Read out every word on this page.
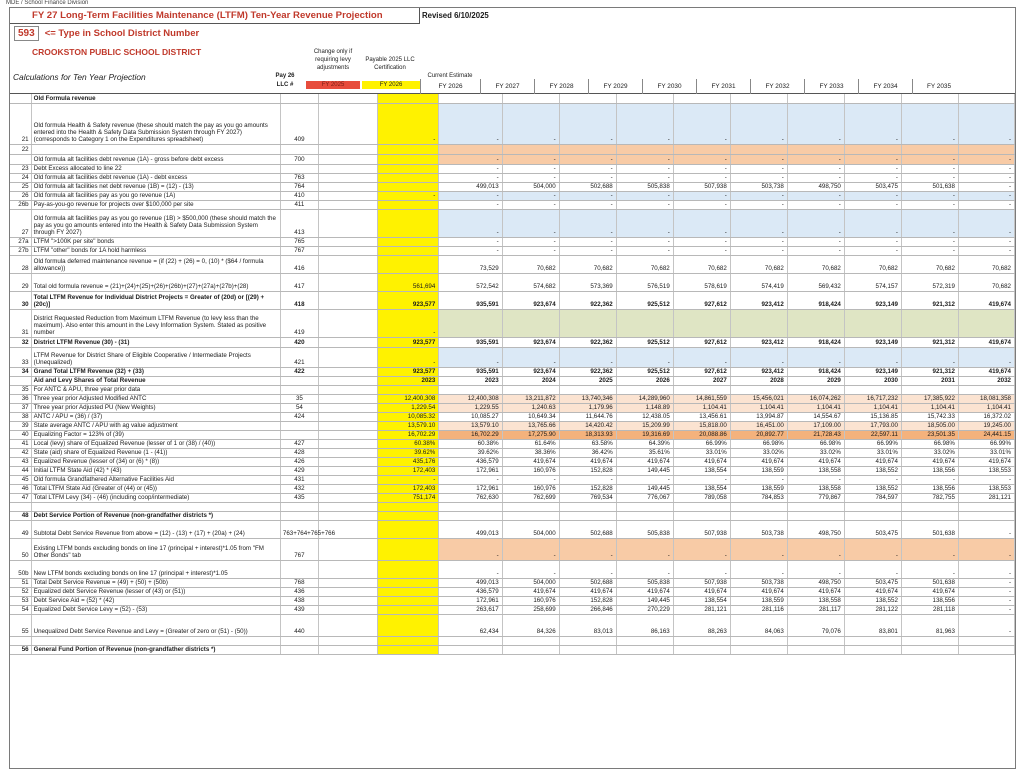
MDE / School Finance Division
FY 27 Long-Term Facilities Maintenance (LTFM) Ten-Year Revenue Projection	Revised 6/10/2025
593	<= Type in School District Number
CROOKSTON PUBLIC SCHOOL DISTRICT
Calculations for Ten Year Projection	Pay 26
LLC #
Change only if requiring levy adjustments
Payable 2025 LLC Certification
Current Estimate
FY 2025	FY 2026	FY 2026	FY 2027	FY 2028	FY 2029	FY 2030	FY 2031	FY 2032	FY 2033	FY 2034	FY 2035
	Old Formula revenue													
21	Old formula Health & Safety revenue (these should match the pay as you go amounts entered into the Health & Safety Data Submission System through FY 2027) (corresponds to Category 1 on the Expenditures spreadsheet)	409		-	-	-	-	-	-	-	-	-	-	-
22														
	Old formula alt facilities debt revenue (1A) - gross before debt excess	700			-	-	-	-	-	-	-	-	-	-
23	Debt Excess allocated to line 22				-	-	-	-	-	-	-	-	-	-
24	Old formula alt facilities debt revenue (1A) - debt excess	763			-	-	-	-	-	-	-	-	-	-
25	Old formula alt facilities net debt revenue (1B) = (12) - (13)	764			499,013	504,000	502,688	505,838	507,938	503,738	498,750	503,475	501,638	-
26	Old formula alt facilities pay as you go revenue (1A)	410		-	-	-	-	-	-	-	-	-	-	-
26b	Pay-as-you-go revenue for projects over $100,000 per site	411			-	-	-	-	-	-	-	-	-	-
27	Old formula alt facilities pay as you go revenue (1B) > $500,000 (these should match the pay as you go amounts entered into the Health & Safety Data Submission System through FY 2027)	413			-	-	-	-	-	-	-	-	-	-
27a	LTFM ">100K per site" bonds	765			-	-	-	-	-	-	-	-	-	-
27b	LTFM "other" bonds for 1A hold harmless	767			-	-	-	-	-	-	-	-	-	-
28	Old formula deferred maintenance revenue = (if (22) + (26) = 0, (10) * ($64 / formula allowance))	416			73,529	70,682	70,682	70,682	70,682	70,682	70,682	70,682	70,682	70,682
29	Total old formula revenue = (21)+(24)+(25)+(26)+(26b)+(27)+(27a)+(27b)+(28)	417		561,694	572,542	574,682	573,369	576,519	578,619	574,419	569,432	574,157	572,319	70,682
30	Total LTFM Revenue for Individual District Projects = Greater of (20d) or [(29) + (20c)]	418		923,577	935,591	923,674	922,362	925,512	927,612	923,412	918,424	923,149	921,312	419,674
31	District Requested Reduction from Maximum LTFM Revenue (to levy less than the maximum). Also enter this amount in the Levy Information System. Stated as positive number	419		-										
32	District LTFM Revenue (30) - (31)	420		923,577	935,591	923,674	922,362	925,512	927,612	923,412	918,424	923,149	921,312	419,674
33	LTFM Revenue for District Share of Eligible Cooperative / Intermediate Projects (Unequalized)	421		-	-	-	-	-	-	-	-	-	-	-
34	Grand Total LTFM Revenue (32) + (33)	422		923,577	935,591	923,674	922,362	925,512	927,612	923,412	918,424	923,149	921,312	419,674
	Aid and Levy Shares of Total Revenue			2023	2023	2024	2025	2026	2027	2028	2029	2030	2031	2032
35	For ANTC & APU, three year prior data													
36	Three year prior Adjusted Modified ANTC	35		12,400,308	12,400,308	13,211,872	13,740,346	14,289,960	14,861,559	15,456,021	16,074,262	16,717,232	17,385,922	18,081,358
37	Three year prior Adjusted PU (New Weights)	54		1,229.54	1,229.55	1,240.63	1,179.96	1,148.89	1,104.41	1,104.41	1,104.41	1,104.41	1,104.41	1,104.41
38	ANTC / APU = (36) / (37)	424		10,085.32	10,085.27	10,649.34	11,644.76	12,438.05	13,456.61	13,994.87	14,554.67	15,136.85	15,742.33	16,372.02
39	State average ANTC / APU with ag value adjustment			13,579.10	13,579.10	13,765.66	14,420.42	15,209.99	15,818.00	16,451.00	17,109.00	17,793.00	18,505.00	19,245.00
40	Equalizing Factor = 123% of (39)			16,702.29	16,702.29	17,275.90	18,313.93	19,316.69	20,088.86	20,892.77	21,728.43	22,597.11	23,501.35	24,441.15
41	Local (levy) share of Equalized Revenue (lesser of 1 or (38) / (40))	427		60.38%	60.38%	61.64%	63.58%	64.39%	66.99%	66.98%	66.98%	66.99%	66.98%	66.99%
42	State (aid) share of Equalized Revenue (1 - (41))	428		39.62%	39.62%	38.36%	36.42%	35.61%	33.01%	33.02%	33.02%	33.01%	33.02%	33.01%
43	Equalized Revenue (lesser of (34) or (6) * (8))	426		435,176	436,579	419,674	419,674	419,674	419,674	419,674	419,674	419,674	419,674	419,674
44	Initial LTFM State Aid (42) * (43)	429		172,403	172,961	160,976	152,828	149,445	138,554	138,559	138,558	138,552	138,556	138,553
45	Old formula Grandfathered Alternative Facilities Aid	431		-	-	-	-	-	-	-	-	-	-	-
46	Total LTFM State Aid (Greater of (44) or (45))	432		172,403	172,961	160,976	152,828	149,445	138,554	138,559	138,558	138,552	138,556	138,553
47	Total LTFM Levy (34) - (46) (including coop/intermediate)	435		751,174	762,630	762,699	769,534	776,067	789,058	784,853	779,867	784,597	782,755	281,121

48	Debt Service Portion of Revenue (non-grandfather districts *)													
49	Subtotal Debt Service Revenue from above = (12) - (13) + (17) + (20a) + (24)	763+764+765+766			499,013	504,000	502,688	505,838	507,938	503,738	498,750	503,475	501,638	-
50	Existing LTFM bonds excluding bonds on line 17 (principal + interest)*1.05 from "FM Other Bonds" tab	767			-	-	-	-	-	-	-	-	-	-
50b	New LTFM bonds excluding bonds on line 17 (principal + interest)*1.05				-	-	-	-	-	-	-	-	-	-
51	Total Debt Service Revenue = (49) + (50) + (50b)	768			499,013	504,000	502,688	505,838	507,938	503,738	498,750	503,475	501,638	-
52	Equalized debt Service Revenue (lesser of (43) or (51))	436			436,579	419,674	419,674	419,674	419,674	419,674	419,674	419,674	419,674	-
53	Debt Service Aid = (52) * (42)	438			172,961	160,976	152,828	149,445	138,554	138,559	138,558	138,552	138,556	-
54	Equalized Debt Service Levy = (52) - (53)	439			263,617	258,699	266,846	270,229	281,121	281,116	281,117	281,122	281,118	-
55	Unequalized Debt Service Revenue and Levy = (Greater of zero or (51) - (50))	440			62,434	84,326	83,013	86,163	88,263	84,063	79,076	83,801	81,963	-

56	General Fund Portion of Revenue (non-grandfather districts *)													
